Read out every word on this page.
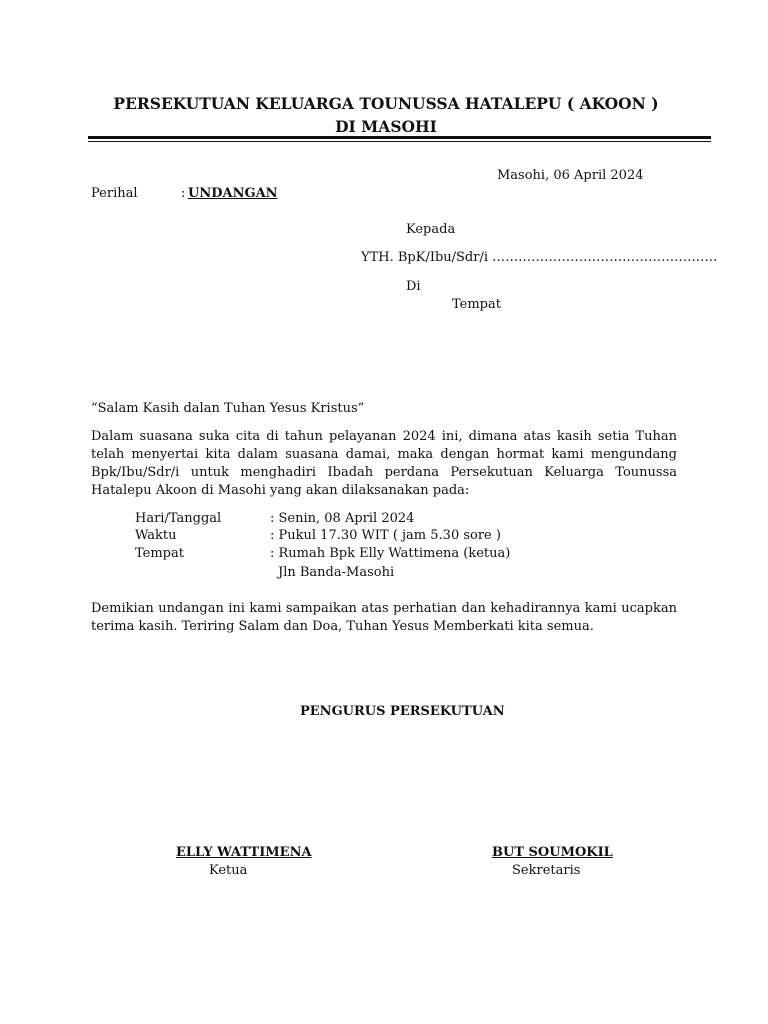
PERSEKUTUAN KELUARGA TOUNUSSA HATALEPU ( AKOON )
DI MASOHI
Masohi, 06 April 2024
Perihal	: UNDANGAN
Kepada
YTH. BpK/Ibu/Sdr/i …………………………………………….
Di
Tempat
“Salam Kasih dalan Tuhan Yesus Kristus”
Dalam suasana suka cita di tahun pelayanan 2024 ini, dimana atas kasih setia Tuhan telah menyertai kita dalam suasana damai, maka dengan hormat kami mengundang Bpk/Ibu/Sdr/i untuk menghadiri Ibadah perdana Persekutuan Keluarga Tounussa Hatalepu Akoon di Masohi yang akan dilaksanakan pada:
Hari/Tanggal	: Senin, 08 April 2024
Waktu	: Pukul 17.30 WIT ( jam 5.30 sore )
Tempat	: Rumah Bpk Elly Wattimena (ketua)
Jln Banda-Masohi
Demikian undangan ini kami sampaikan atas perhatian dan kehadirannya kami ucapkan terima kasih. Teriring Salam dan Doa, Tuhan Yesus Memberkati kita semua.
PENGURUS PERSEKUTUAN
ELLY WATTIMENA
Ketua
BUT SOUMOKIL
Sekretaris
